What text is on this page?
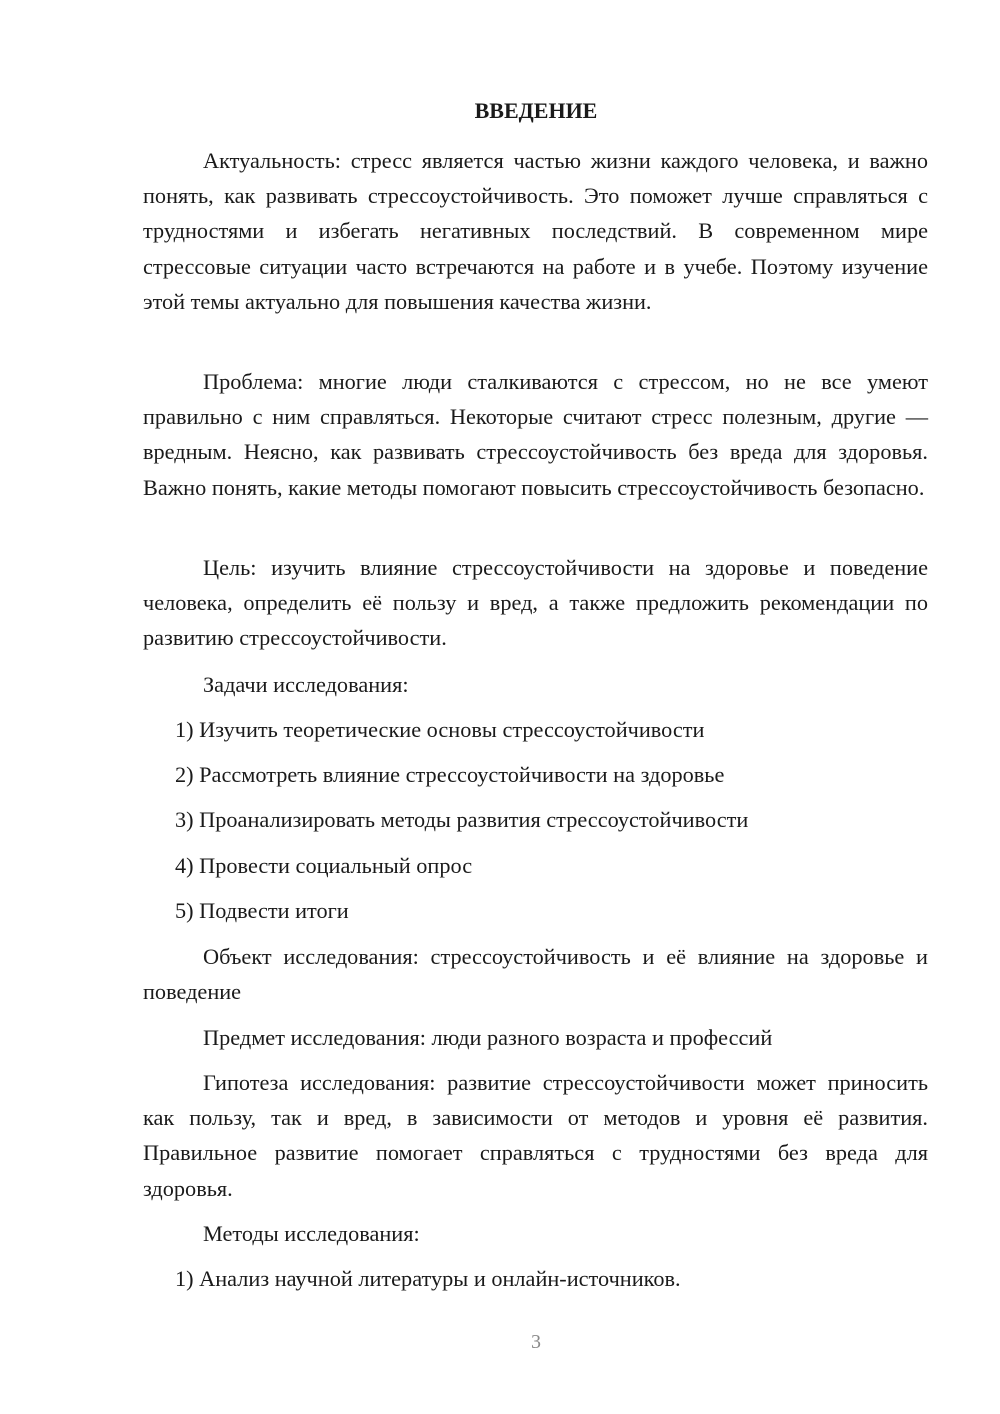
ВВЕДЕНИЕ

Актуальность: стресс является частью жизни каждого человека, и важно понять, как развивать стрессоустойчивость. Это поможет лучше справляться с трудностями и избегать негативных последствий. В современном мире стрессовые ситуации часто встречаются на работе и в учебе. Поэтому изучение этой темы актуально для повышения качества жизни.

Проблема: многие люди сталкиваются с стрессом, но не все умеют правильно с ним справляться. Некоторые считают стресс полезным, другие — вредным. Неясно, как развивать стрессоустойчивость без вреда для здоровья. Важно понять, какие методы помогают повысить стрессоустойчивость безопасно.

Цель: изучить влияние стрессоустойчивости на здоровье и поведение человека, определить её пользу и вред, а также предложить рекомендации по развитию стрессоустойчивости.

Задачи исследования:

1) Изучить теоретические основы стрессоустойчивости

2) Рассмотреть влияние стрессоустойчивости на здоровье

3) Проанализировать методы развития стрессоустойчивости

4) Провести социальный опрос

5) Подвести итоги

Объект исследования: стрессоустойчивость и её влияние на здоровье и поведение

Предмет исследования: люди разного возраста и профессий

Гипотеза исследования: развитие стрессоустойчивости может приносить как пользу, так и вред, в зависимости от методов и уровня её развития. Правильное развитие помогает справляться с трудностями без вреда для здоровья.

Методы исследования:

1) Анализ научной литературы и онлайн-источников.

3
